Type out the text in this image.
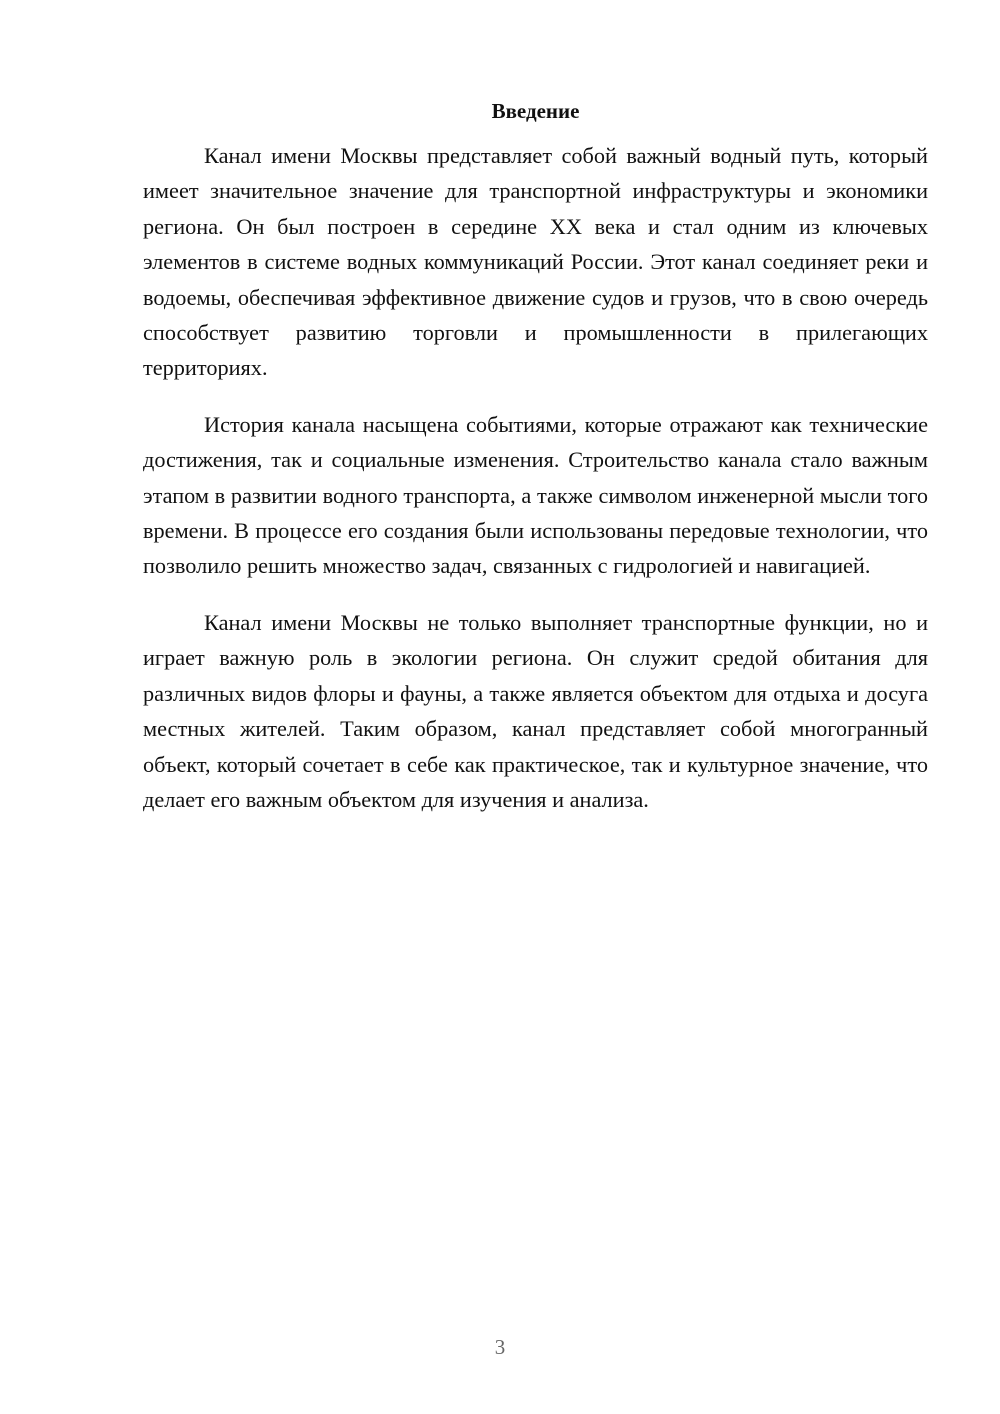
Введение

Канал имени Москвы представляет собой важный водный путь, который имеет значительное значение для транспортной инфраструктуры и экономики региона. Он был построен в середине XX века и стал одним из ключевых элементов в системе водных коммуникаций России. Этот канал соединяет реки и водоемы, обеспечивая эффективное движение судов и грузов, что в свою очередь способствует развитию торговли и промышленности в прилегающих территориях.

История канала насыщена событиями, которые отражают как технические достижения, так и социальные изменения. Строительство канала стало важным этапом в развитии водного транспорта, а также символом инженерной мысли того времени. В процессе его создания были использованы передовые технологии, что позволило решить множество задач, связанных с гидрологией и навигацией.

Канал имени Москвы не только выполняет транспортные функции, но и играет важную роль в экологии региона. Он служит средой обитания для различных видов флоры и фауны, а также является объектом для отдыха и досуга местных жителей. Таким образом, канал представляет собой многогранный объект, который сочетает в себе как практическое, так и культурное значение, что делает его важным объектом для изучения и анализа.

3
